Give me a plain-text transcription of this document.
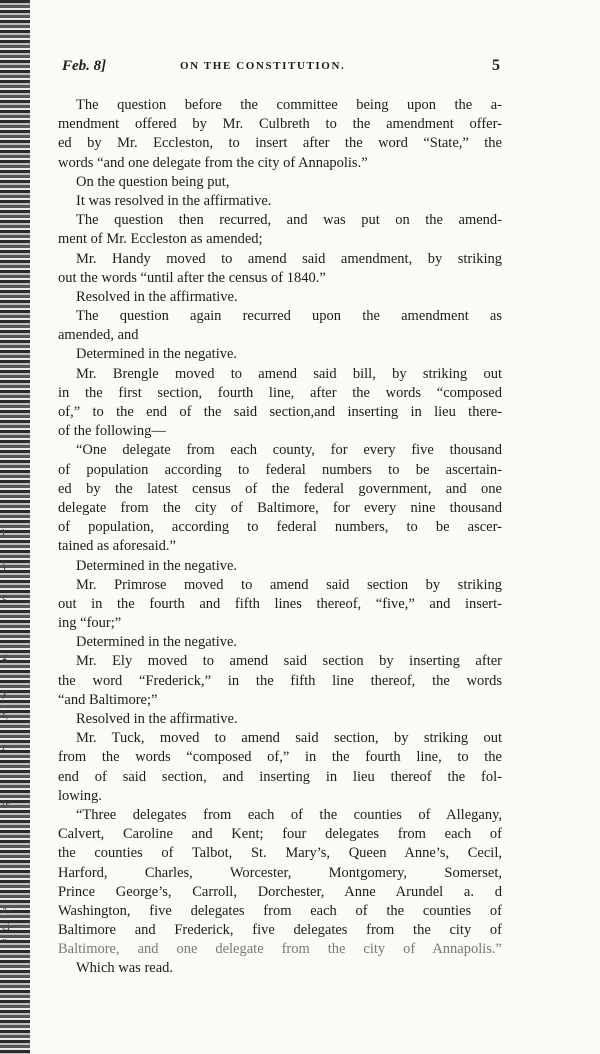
l
)
e
g
y
f,
r-
re
a-
ci-
”
Feb. 8]	ON THE CONSTITUTION.	5
The question before the committee being upon the a-
mendment offered by Mr. Culbreth to the amendment offer-
ed by Mr. Eccleston, to insert after the word “State,” the
words “and one delegate from the city of Annapolis.”
On the question being put,
It was resolved in the affirmative.
The question then recurred, and was put on the amend-
ment of Mr. Eccleston as amended;
Mr. Handy moved to amend said amendment, by striking
out the words “until after the census of 1840.”
Resolved in the affirmative.
The question again recurred upon the amendment as
amended, and
Determined in the negative.
Mr. Brengle moved to amend said bill, by striking out
in the first section, fourth line, after the words “composed
of,” to the end of the said section,and inserting in lieu there-
of the following—
“One delegate from each county, for every five thousand
of population according to federal numbers to be ascertain-
ed by the latest census of the federal government, and one
delegate from the city of Baltimore, for every nine thousand
of population, according to federal numbers, to be ascer-
tained as aforesaid.”
Determined in the negative.
Mr. Primrose moved to amend said section by striking
out in the fourth and fifth lines thereof, “five,” and insert-
ing “four;”
Determined in the negative.
Mr. Ely moved to amend said section by inserting after
the word “Frederick,” in the fifth line thereof, the words
“and Baltimore;”
Resolved in the affirmative.
Mr. Tuck, moved to amend said section, by striking out
from the words “composed of,” in the fourth line, to the
end of said section, and inserting in lieu thereof the fol-
lowing.
“Three delegates from each of the counties of Allegany,
Calvert, Caroline and Kent; four delegates from each of
the counties of Talbot, St. Mary’s, Queen Anne’s, Cecil,
Harford, Charles, Worcester, Montgomery, Somerset,
Prince George’s, Carroll, Dorchester, Anne Arundel a. d
Washington, five delegates from each of the counties of
Baltimore and Frederick, five delegates from the city of
Baltimore, and one delegate from the city of Annapolis.”
Which was read.
